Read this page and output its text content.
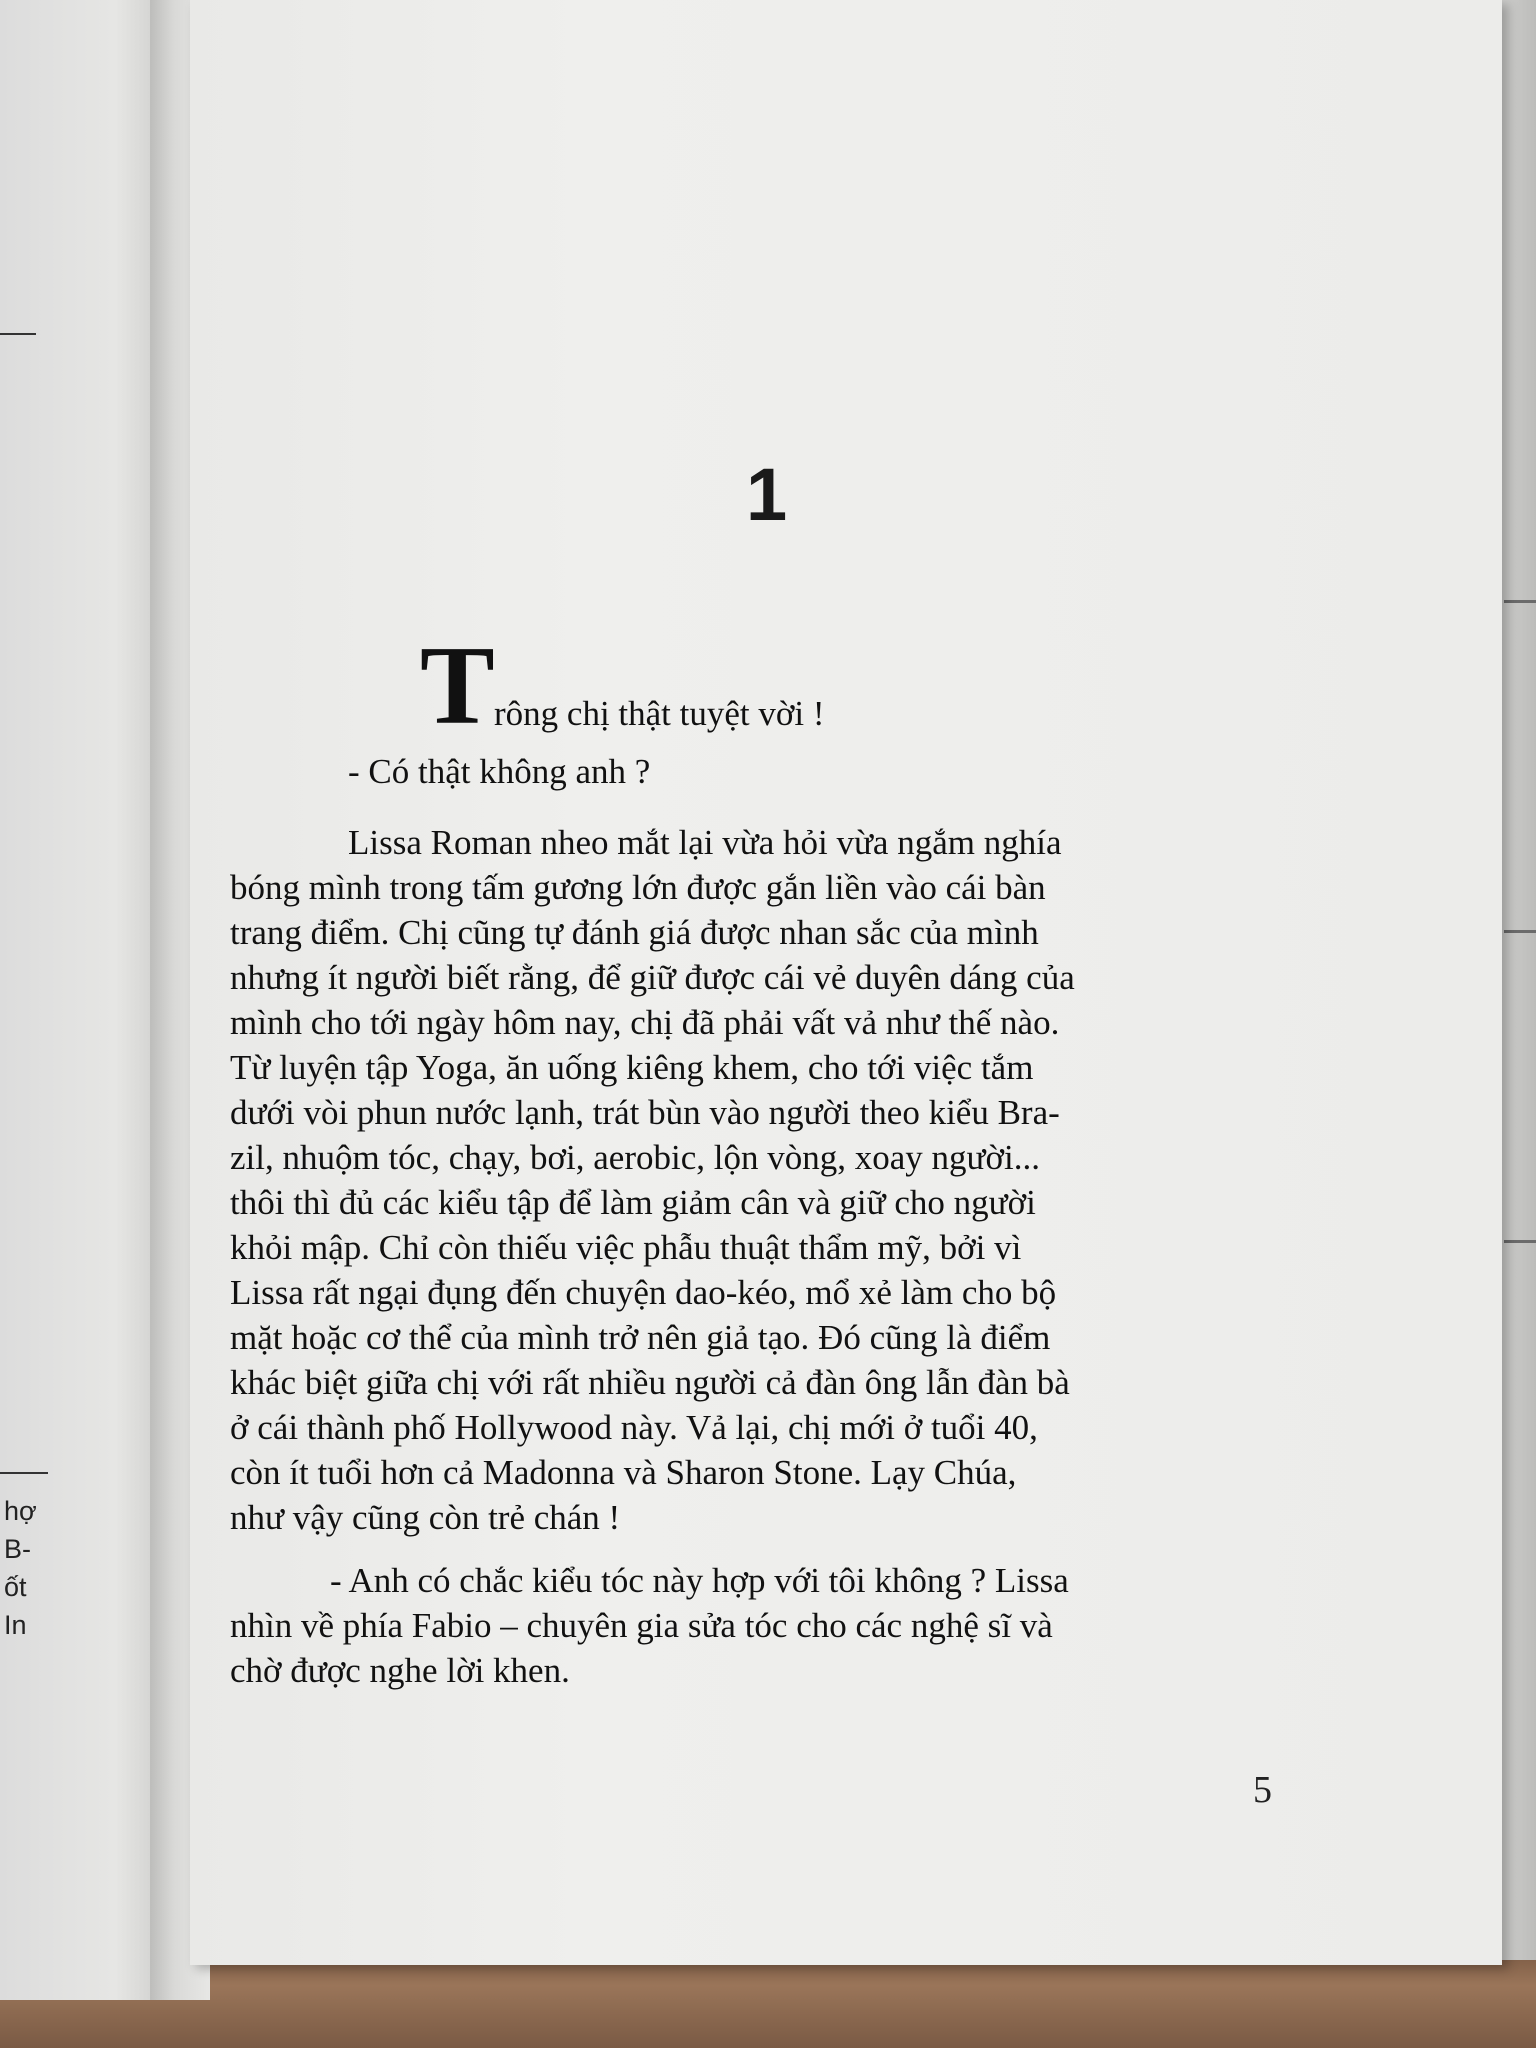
hợ
B-
ốt
In
1
T rông chị thật tuyệt vời !
- Có thật không anh ?
Lissa Roman nheo mắt lại vừa hỏi vừa ngắm nghía
bóng mình trong tấm gương lớn được gắn liền vào cái bàn
trang điểm. Chị cũng tự đánh giá được nhan sắc của mình
nhưng ít người biết rằng, để giữ được cái vẻ duyên dáng của
mình cho tới ngày hôm nay, chị đã phải vất vả như thế nào.
Từ luyện tập Yoga, ăn uống kiêng khem, cho tới việc tắm
dưới vòi phun nước lạnh, trát bùn vào người theo kiểu Bra-
zil, nhuộm tóc, chạy, bơi, aerobic, lộn vòng, xoay người...
thôi thì đủ các kiểu tập để làm giảm cân và giữ cho người
khỏi mập. Chỉ còn thiếu việc phẫu thuật thẩm mỹ, bởi vì
Lissa rất ngại đụng đến chuyện dao-kéo, mổ xẻ làm cho bộ
mặt hoặc cơ thể của mình trở nên giả tạo. Đó cũng là điểm
khác biệt giữa chị với rất nhiều người cả đàn ông lẫn đàn bà
ở cái thành phố Hollywood này. Vả lại, chị mới ở tuổi 40,
còn ít tuổi hơn cả Madonna và Sharon Stone. Lạy Chúa,
như vậy cũng còn trẻ chán !
- Anh có chắc kiểu tóc này hợp với tôi không ? Lissa
nhìn về phía Fabio – chuyên gia sửa tóc cho các nghệ sĩ và
chờ được nghe lời khen.
5
